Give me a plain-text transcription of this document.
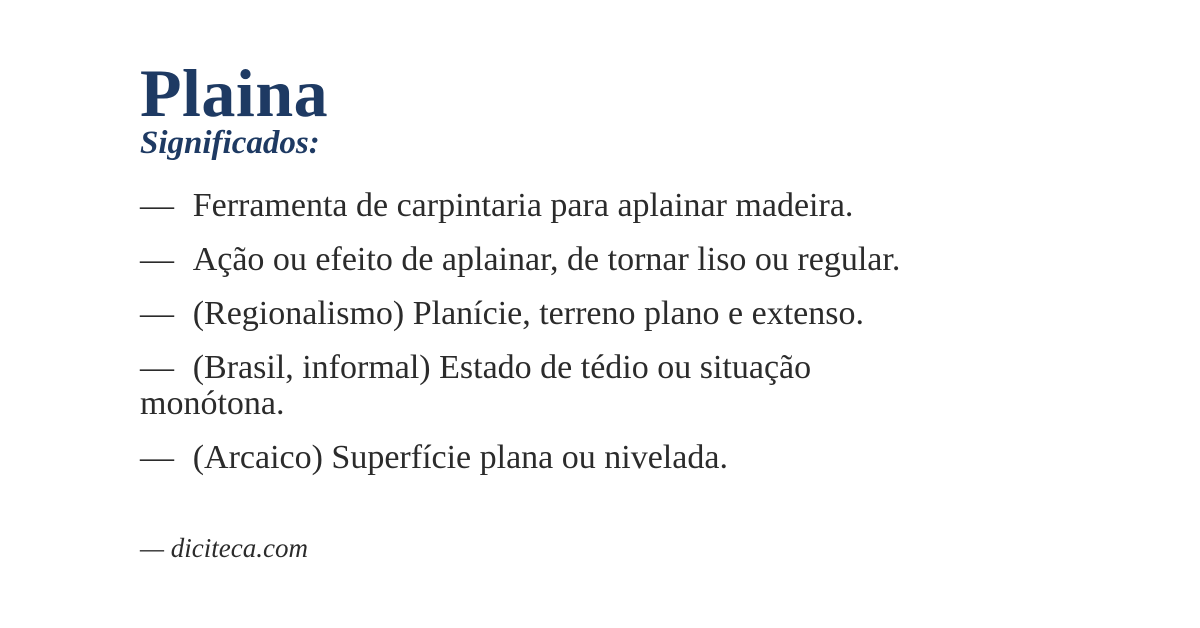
Plaina
Significados:

— Ferramenta de carpintaria para aplainar madeira.

— Ação ou efeito de aplainar, de tornar liso ou regular.

— (Regionalismo) Planície, terreno plano e extenso.

— (Brasil, informal) Estado de tédio ou situação monótona.

— (Arcaico) Superfície plana ou nivelada.

— diciteca.com
